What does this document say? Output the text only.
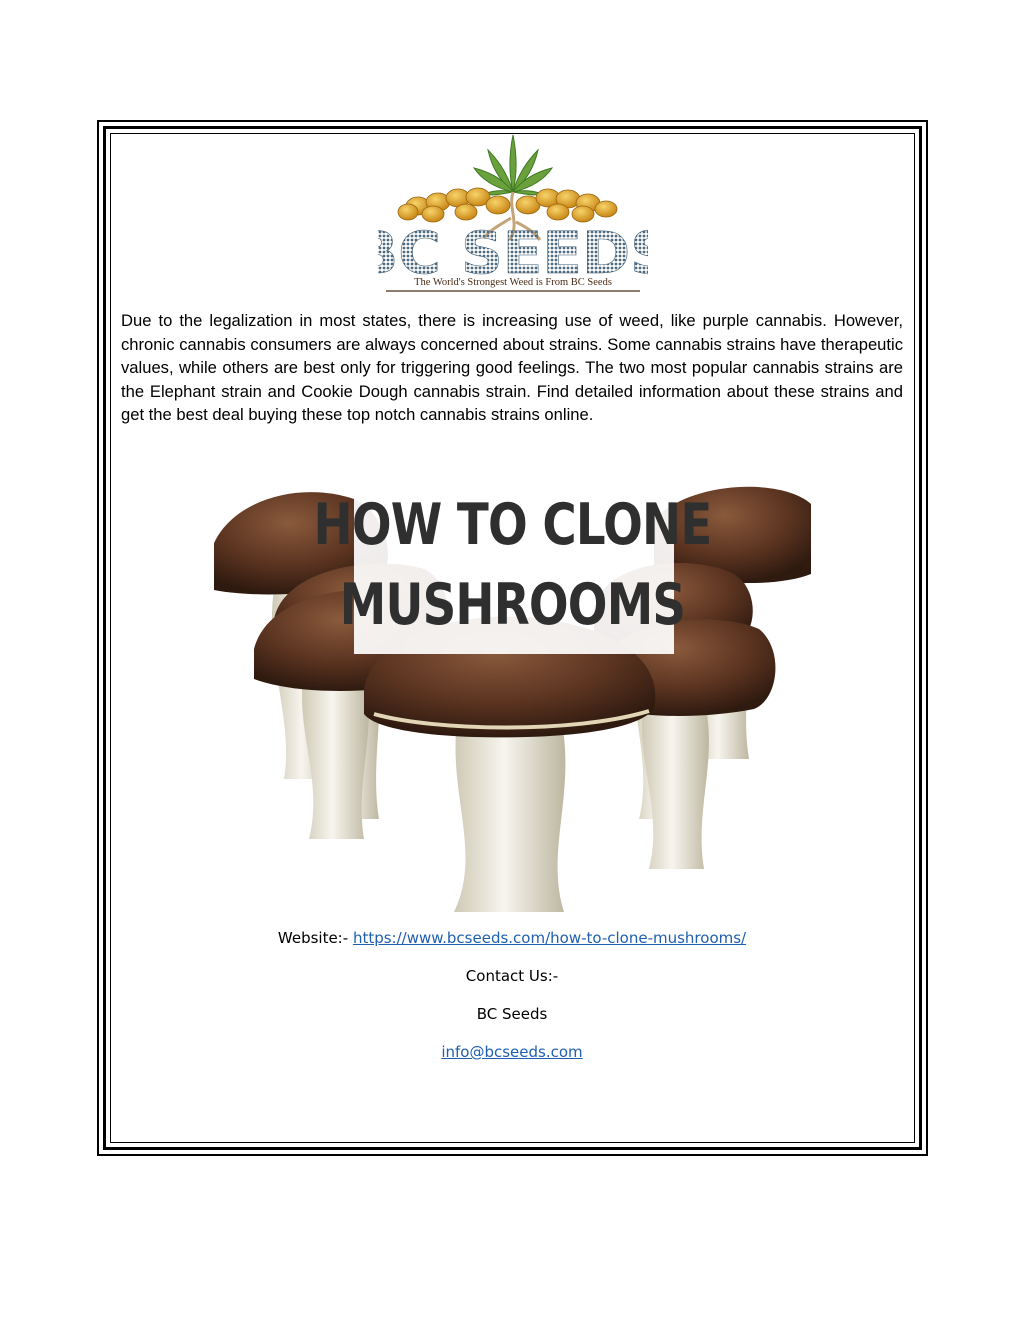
C SEED
The World's Strongest Weed is From BC Seeds

Due to the legalization in most states, there is increasing use of weed, like purple cannabis. However, chronic cannabis consumers are always concerned about strains. Some cannabis strains have therapeutic values, while others are best only for triggering good feelings. The two most popular cannabis strains are the Elephant strain and Cookie Dough cannabis strain. Find detailed information about these strains and get the best deal buying these top notch cannabis strains online.

HOW TO CLONE
MUSHROOMS
Website:- https://www.bcseeds.com/how-to-clone-mushrooms/
Contact Us:-
BC Seeds
info@bcseeds.com
